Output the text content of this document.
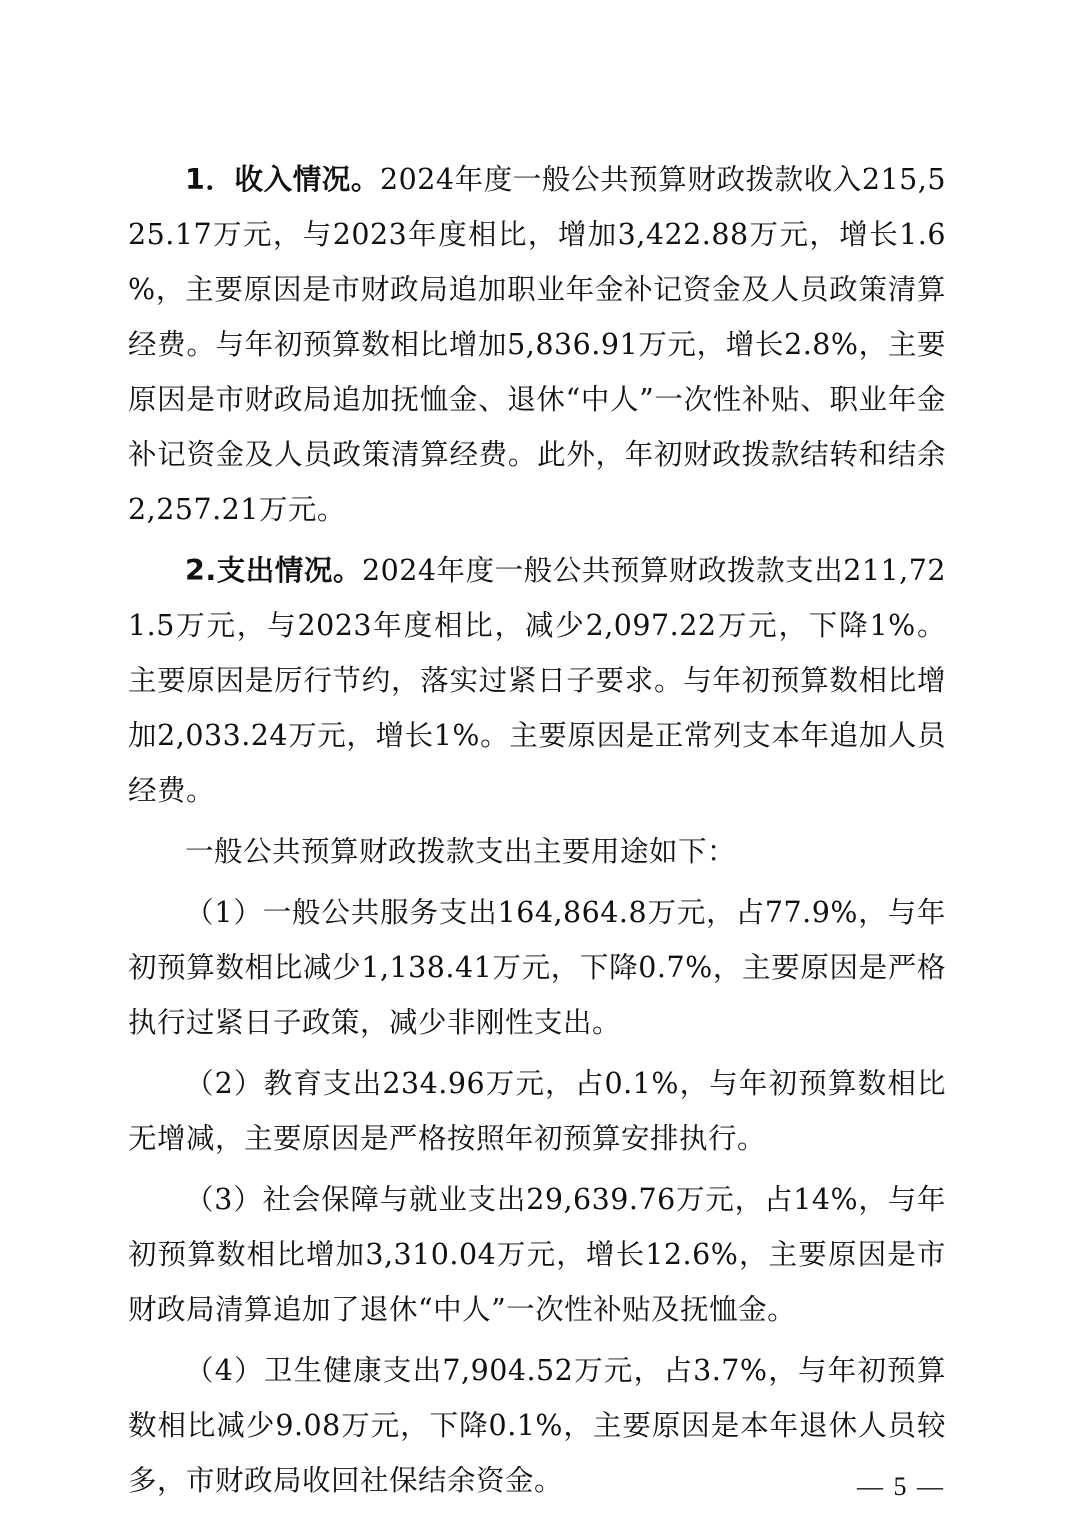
1．收入情况。2024年度一般公共预算财政拨款收入215,525.17万元，与2023年度相比，增加3,422.88万元，增长1.6%，主要原因是市财政局追加职业年金补记资金及人员政策清算经费。与年初预算数相比增加5,836.91万元，增长2.8%，主要原因是市财政局追加抚恤金、退休“中人”一次性补贴、职业年金补记资金及人员政策清算经费。此外，年初财政拨款结转和结余2,257.21万元。

2.支出情况。2024年度一般公共预算财政拨款支出211,721.5万元，与2023年度相比，减少2,097.22万元，下降1%。主要原因是厉行节约，落实过紧日子要求。与年初预算数相比增加2,033.24万元，增长1%。主要原因是正常列支本年追加人员经费。

一般公共预算财政拨款支出主要用途如下：

（1）一般公共服务支出164,864.8万元，占77.9%，与年初预算数相比减少1,138.41万元，下降0.7%，主要原因是严格执行过紧日子政策，减少非刚性支出。

（2）教育支出234.96万元，占0.1%，与年初预算数相比无增减，主要原因是严格按照年初预算安排执行。

（3）社会保障与就业支出29,639.76万元，占14%，与年初预算数相比增加3,310.04万元，增长12.6%，主要原因是市财政局清算追加了退休“中人”一次性补贴及抚恤金。

（4）卫生健康支出7,904.52万元，占3.7%，与年初预算数相比减少9.08万元，下降0.1%，主要原因是本年退休人员较多，市财政局收回社保结余资金。	— 5 —
